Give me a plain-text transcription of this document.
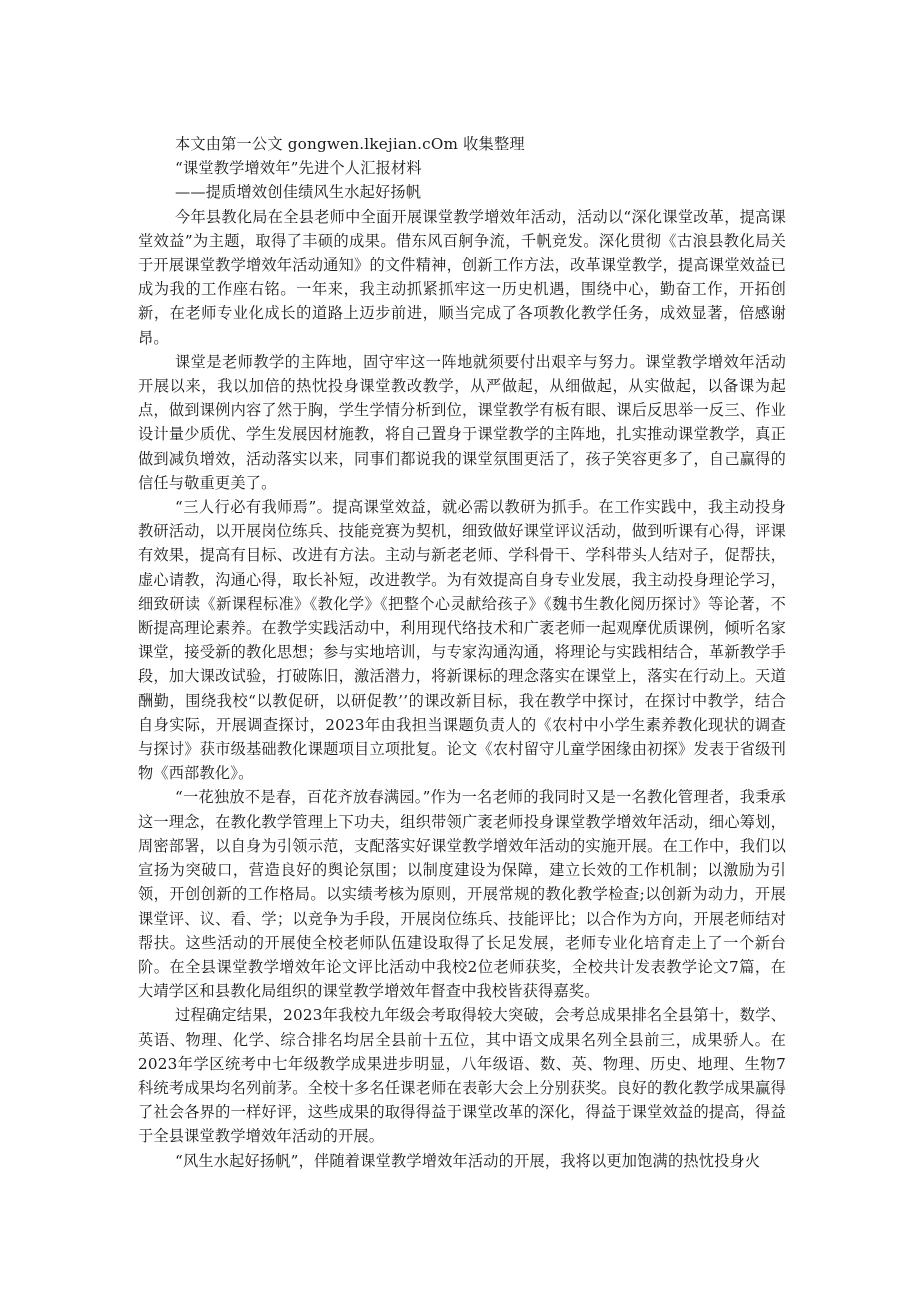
本文由第一公文 gongwen.lkejian.cOm 收集整理

“课堂教学增效年”先进个人汇报材料

——提质增效创佳绩风生水起好扬帆

今年县教化局在全县老师中全面开展课堂教学增效年活动，活动以“深化课堂改革，提高课堂效益”为主题，取得了丰硕的成果。借东风百舸争流，千帆竞发。深化贯彻《古浪县教化局关于开展课堂教学增效年活动通知》的文件精神，创新工作方法，改革课堂教学，提高课堂效益已成为我的工作座右铭。一年来，我主动抓紧抓牢这一历史机遇，围绕中心，勤奋工作，开拓创新，在老师专业化成长的道路上迈步前进，顺当完成了各项教化教学任务，成效显著，倍感谢昂。

课堂是老师教学的主阵地，固守牢这一阵地就须要付出艰辛与努力。课堂教学增效年活动开展以来，我以加倍的热忱投身课堂教改教学，从严做起，从细做起，从实做起，以备课为起点，做到课例内容了然于胸，学生学情分析到位，课堂教学有板有眼、课后反思举一反三、作业设计量少质优、学生发展因材施教，将自己置身于课堂教学的主阵地，扎实推动课堂教学，真正做到减负增效，活动落实以来，同事们都说我的课堂氛围更活了，孩子笑容更多了，自己赢得的信任与敬重更美了。

“三人行必有我师焉”。提高课堂效益，就必需以教研为抓手。在工作实践中，我主动投身教研活动，以开展岗位练兵、技能竞赛为契机，细致做好课堂评议活动，做到听课有心得，评课有效果，提高有目标、改进有方法。主动与新老老师、学科骨干、学科带头人结对子，促帮扶，虚心请教，沟通心得，取长补短，改进教学。为有效提高自身专业发展，我主动投身理论学习，细致研读《新课程标准》《教化学》《把整个心灵献给孩子》《魏书生教化阅历探讨》等论著，不断提高理论素养。在教学实践活动中，利用现代络技术和广袤老师一起观摩优质课例，倾听名家课堂，接受新的教化思想；参与实地培训，与专家沟通沟通，将理论与实践相结合，革新教学手段，加大课改试验，打破陈旧，激活潜力，将新课标的理念落实在课堂上，落实在行动上。天道酬勤，围绕我校“以教促研，以研促教’’的课改新目标，我在教学中探讨，在探讨中教学，结合自身实际，开展调查探讨，2023年由我担当课题负责人的《农村中小学生素养教化现状的调查与探讨》获市级基础教化课题项目立项批复。论文《农村留守儿童学困缘由初探》发表于省级刊物《西部教化》。

“一花独放不是春，百花齐放春满园。”作为一名老师的我同时又是一名教化管理者，我秉承这一理念，在教化教学管理上下功夫，组织带领广袤老师投身课堂教学增效年活动，细心筹划，周密部署，以自身为引领示范，支配落实好课堂教学增效年活动的实施开展。在工作中，我们以宣扬为突破口，营造良好的舆论氛围；以制度建设为保障，建立长效的工作机制；以激励为引领，开创创新的工作格局。以实绩考核为原则，开展常规的教化教学检查;以创新为动力，开展课堂评、议、看、学；以竞争为手段，开展岗位练兵、技能评比；以合作为方向，开展老师结对帮扶。这些活动的开展使全校老师队伍建设取得了长足发展，老师专业化培育走上了一个新台阶。在全县课堂教学增效年论文评比活动中我校2位老师获奖，全校共计发表教学论文7篇，在大靖学区和县教化局组织的课堂教学增效年督查中我校皆获得嘉奖。

过程确定结果，2023年我校九年级会考取得较大突破，会考总成果排名全县第十，数学、英语、物理、化学、综合排名均居全县前十五位，其中语文成果名列全县前三，成果骄人。在2023年学区统考中七年级教学成果进步明显，八年级语、数、英、物理、历史、地理、生物7科统考成果均名列前茅。全校十多名任课老师在表彰大会上分别获奖。良好的教化教学成果赢得了社会各界的一样好评，这些成果的取得得益于课堂改革的深化，得益于课堂效益的提高，得益于全县课堂教学增效年活动的开展。

“风生水起好扬帆”，伴随着课堂教学增效年活动的开展，我将以更加饱满的热忱投身火
